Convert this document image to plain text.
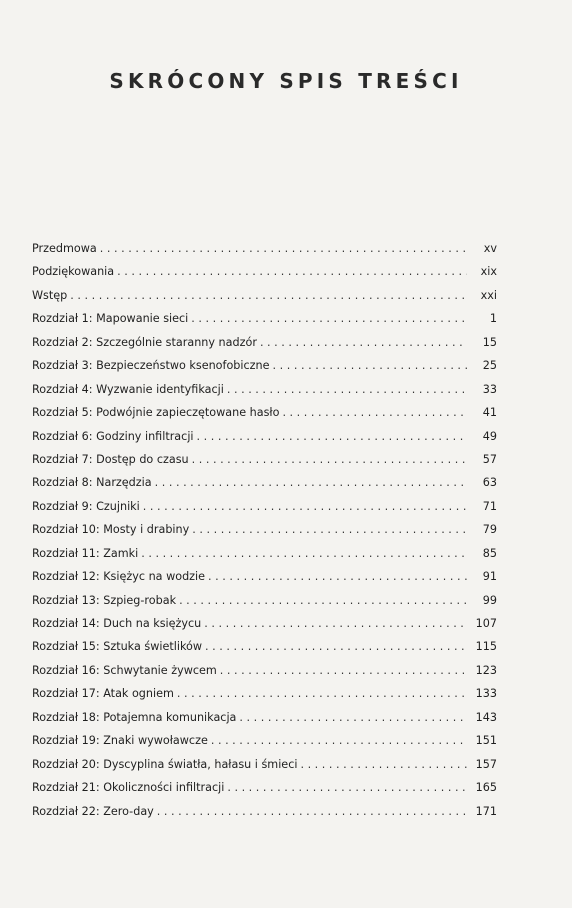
SKRÓCONY SPIS TREŚCI
Przedmowa . . .	xv
Podziękowania . . .	xix
Wstęp . . .	xxi
Rozdział 1: Mapowanie sieci . . .	1
Rozdział 2: Szczególnie staranny nadzór . . .	15
Rozdział 3: Bezpieczeństwo ksenofobiczne . . .	25
Rozdział 4: Wyzwanie identyfikacji . . .	33
Rozdział 5: Podwójnie zapieczętowane hasło . . .	41
Rozdział 6: Godziny infiltracji . . .	49
Rozdział 7: Dostęp do czasu . . .	57
Rozdział 8: Narzędzia . . .	63
Rozdział 9: Czujniki . . .	71
Rozdział 10: Mosty i drabiny . . .	79
Rozdział 11: Zamki . . .	85
Rozdział 12: Księżyc na wodzie . . .	91
Rozdział 13: Szpieg-robak . . .	99
Rozdział 14: Duch na księżycu . . .	107
Rozdział 15: Sztuka świetlików . . .	115
Rozdział 16: Schwytanie żywcem . . .	123
Rozdział 17: Atak ogniem . . .	133
Rozdział 18: Potajemna komunikacja . . .	143
Rozdział 19: Znaki wywoławcze . . .	151
Rozdział 20: Dyscyplina światła, hałasu i śmieci . . .	157
Rozdział 21: Okoliczności infiltracji . . .	165
Rozdział 22: Zero-day . . .	171
